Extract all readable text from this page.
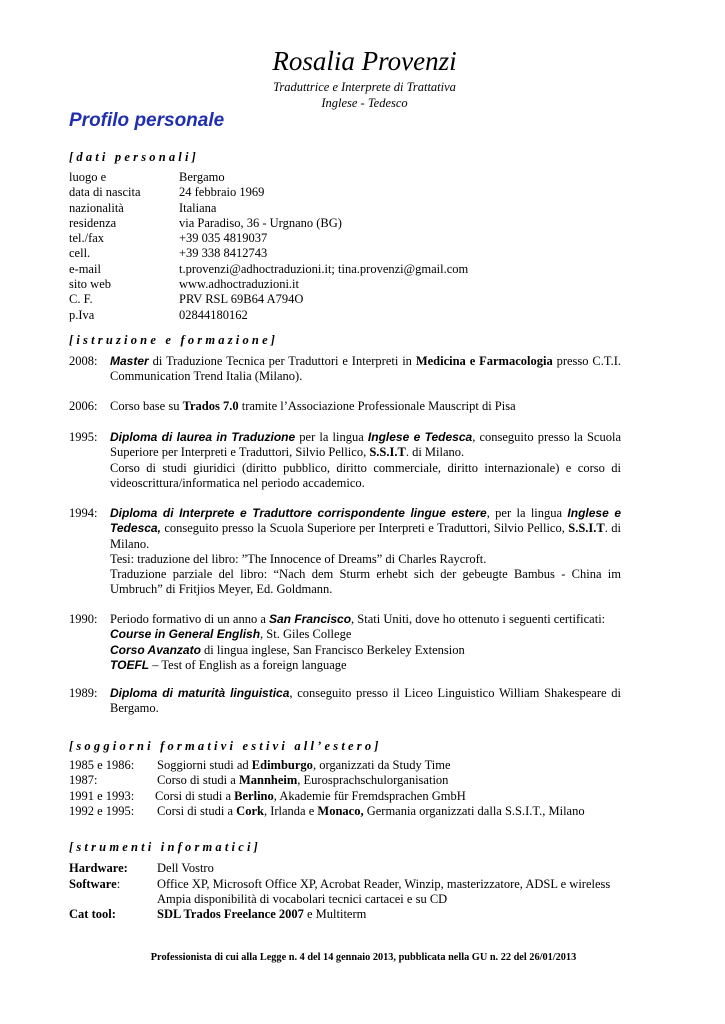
Rosalia Provenzi
Traduttrice e Interprete di Trattativa
Inglese - Tedesco
Profilo personale
[dati personali]
luogo e	Bergamo
data di nascita	24 febbraio 1969
nazionalità	Italiana
residenza	via Paradiso, 36 - Urgnano (BG)
tel./fax	+39 035 4819037
cell.	+39 338 8412743
e-mail	t.provenzi@adhoctraduzioni.it; tina.provenzi@gmail.com
sito web	www.adhoctraduzioni.it
C. F.	PRV RSL 69B64 A794O
p.Iva	02844180162
[istruzione e formazione]
2008: Master di Traduzione Tecnica per Traduttori e Interpreti in Medicina e Farmacologia presso C.T.I. Communication Trend Italia (Milano).
2006: Corso base su Trados 7.0 tramite l’Associazione Professionale Mauscript di Pisa
1995: Diploma di laurea in Traduzione per la lingua Inglese e Tedesca, conseguito presso la Scuola Superiore per Interpreti e Traduttori, Silvio Pellico, S.S.I.T. di Milano.
Corso di studi giuridici (diritto pubblico, diritto commerciale, diritto internazionale) e corso di videoscrittura/informatica nel periodo accademico.
1994: Diploma di Interprete e Traduttore corrispondente lingue estere, per la lingua Inglese e Tedesca, conseguito presso la Scuola Superiore per Interpreti e Traduttori, Silvio Pellico, S.S.I.T. di Milano.
Tesi: traduzione del libro: ”The Innocence of Dreams” di Charles Raycroft.
Traduzione parziale del libro: “Nach dem Sturm erhebt sich der gebeugte Bambus - China im Umbruch” di Fritjios Meyer, Ed. Goldmann.
1990: Periodo formativo di un anno a San Francisco, Stati Uniti, dove ho ottenuto i seguenti certificati:
Course in General English, St. Giles College
Corso Avanzato di lingua inglese, San Francisco Berkeley Extension
TOEFL – Test of English as a foreign language
1989: Diploma di maturità linguistica, conseguito presso il Liceo Linguistico William Shakespeare di Bergamo.
[soggiorni formativi estivi all’estero]
1985 e 1986: Soggiorni studi ad Edimburgo, organizzati da Study Time
1987:	Corso di studi a Mannheim, Eurosprachschulorganisation
1991 e 1993: Corsi di studi a Berlino, Akademie für Fremdsprachen GmbH
1992 e 1995: Corsi di studi a Cork, Irlanda e Monaco, Germania organizzati dalla S.S.I.T., Milano
[strumenti informatici]
Hardware: Dell Vostro
Software:	Office XP, Microsoft Office XP, Acrobat Reader, Winzip, masterizzatore, ADSL e wireless
Ampia disponibilità di vocabolari tecnici cartacei e su CD
Cat tool:	SDL Trados Freelance 2007 e Multiterm
Professionista di cui alla Legge n. 4 del 14 gennaio 2013, pubblicata nella GU n. 22 del 26/01/2013
